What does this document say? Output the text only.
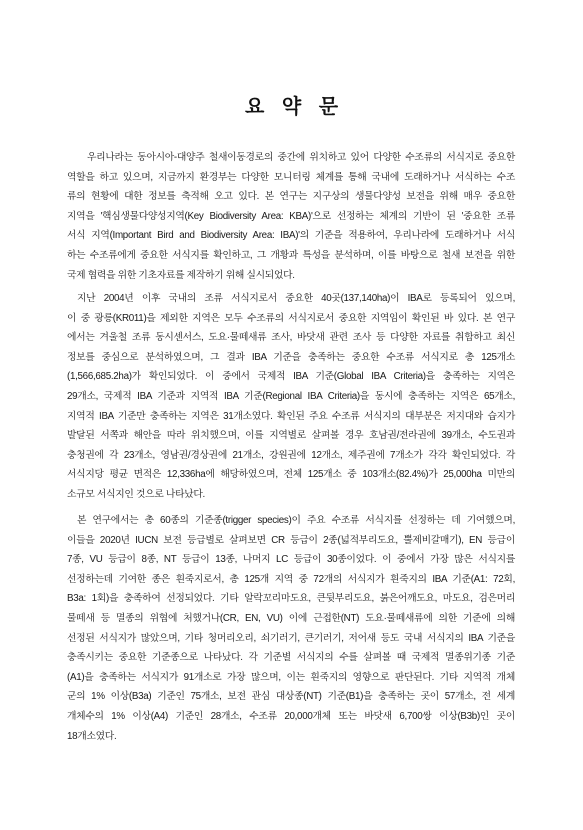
요 약 문
우리나라는 동아시아-대양주 철새이동경로의 중간에 위치하고 있어 다양한 수조류의 서식지로 중요한
역할을 하고 있으며, 지금까지 환경부는 다양한 모니터링 체계를 통해 국내에 도래하거나 서식하는 수조
류의 현황에 대한 정보를 축적해 오고 있다. 본 연구는 지구상의 생물다양성 보전을 위해 매우 중요한
지역을 '핵심생물다양성지역(Key Biodiversity Area: KBA)'으로 선정하는 체계의 기반이 된 '중요한 조류
서식 지역(Important Bird and Biodiversity Area: IBA)'의 기준을 적용하여, 우리나라에 도래하거나 서식
하는 수조류에게 중요한 서식지를 확인하고, 그 개황과 특성을 분석하며, 이를 바탕으로 철새 보전을 위한
국제 협력을 위한 기초자료를 제작하기 위해 실시되었다.
지난 2004년 이후 국내의 조류 서식지로서 중요한 40곳(137,140ha)이 IBA로 등록되어 있으며,
이 중 광릉(KR011)을 제외한 지역은 모두 수조류의 서식지로서 중요한 지역임이 확인된 바 있다. 본 연구
에서는 겨울철 조류 동시센서스, 도요·물떼새류 조사, 바닷새 관련 조사 등 다양한 자료를 취합하고 최신
정보를 중심으로 분석하였으며, 그 결과 IBA 기준을 충족하는 중요한 수조류 서식지로 총 125개소
(1,566,685.2ha)가 확인되었다. 이 중에서 국제적 IBA 기준(Global IBA Criteria)을 충족하는 지역은
29개소, 국제적 IBA 기준과 지역적 IBA 기준(Regional IBA Criteria)을 동시에 충족하는 지역은 65개소,
지역적 IBA 기준만 충족하는 지역은 31개소였다. 확인된 주요 수조류 서식지의 대부분은 저지대와 습지가
발달된 서쪽과 해안을 따라 위치했으며, 이를 지역별로 살펴볼 경우 호남권/전라권에 39개소, 수도권과
충청권에 각 23개소, 영남권/경상권에 21개소, 강원권에 12개소, 제주권에 7개소가 각각 확인되었다. 각
서식지당 평균 면적은 12,336ha에 해당하였으며, 전체 125개소 중 103개소(82.4%)가 25,000ha 미만의
소규모 서식지인 것으로 나타났다.
본 연구에서는 총 60종의 기준종(trigger species)이 주요 수조류 서식지를 선정하는 데 기여했으며,
이들을 2020년 IUCN 보전 등급별로 살펴보면 CR 등급이 2종(넓적부리도요, 뿔제비갈매기), EN 등급이
7종, VU 등급이 8종, NT 등급이 13종, 나머지 LC 등급이 30종이었다. 이 중에서 가장 많은 서식지를
선정하는데 기여한 종은 흰죽지로서, 총 125개 지역 중 72개의 서식지가 흰죽지의 IBA 기준(A1: 72회,
B3a: 1회)을 충족하여 선정되었다. 기타 알락꼬리마도요, 큰뒷부리도요, 붉은어깨도요, 마도요, 검은머리
물떼새 등 멸종의 위협에 처했거나(CR, EN, VU) 이에 근접한(NT) 도요·물떼새류에 의한 기준에 의해
선정된 서식지가 많았으며, 기타 청머리오리, 쇠기러기, 큰기러기, 저어새 등도 국내 서식지의 IBA 기준을
충족시키는 중요한 기준종으로 나타났다. 각 기준별 서식지의 수를 살펴볼 때 국제적 멸종위기종 기준
(A1)을 충족하는 서식지가 91개소로 가장 많으며, 이는 흰죽지의 영향으로 판단된다. 기타 지역적 개체
군의 1% 이상(B3a) 기준인 75개소, 보전 관심 대상종(NT) 기준(B1)을 충족하는 곳이 57개소, 전 세계
개체수의 1% 이상(A4) 기준인 28개소, 수조류 20,000개체 또는 바닷새 6,700쌍 이상(B3b)인 곳이
18개소였다.
